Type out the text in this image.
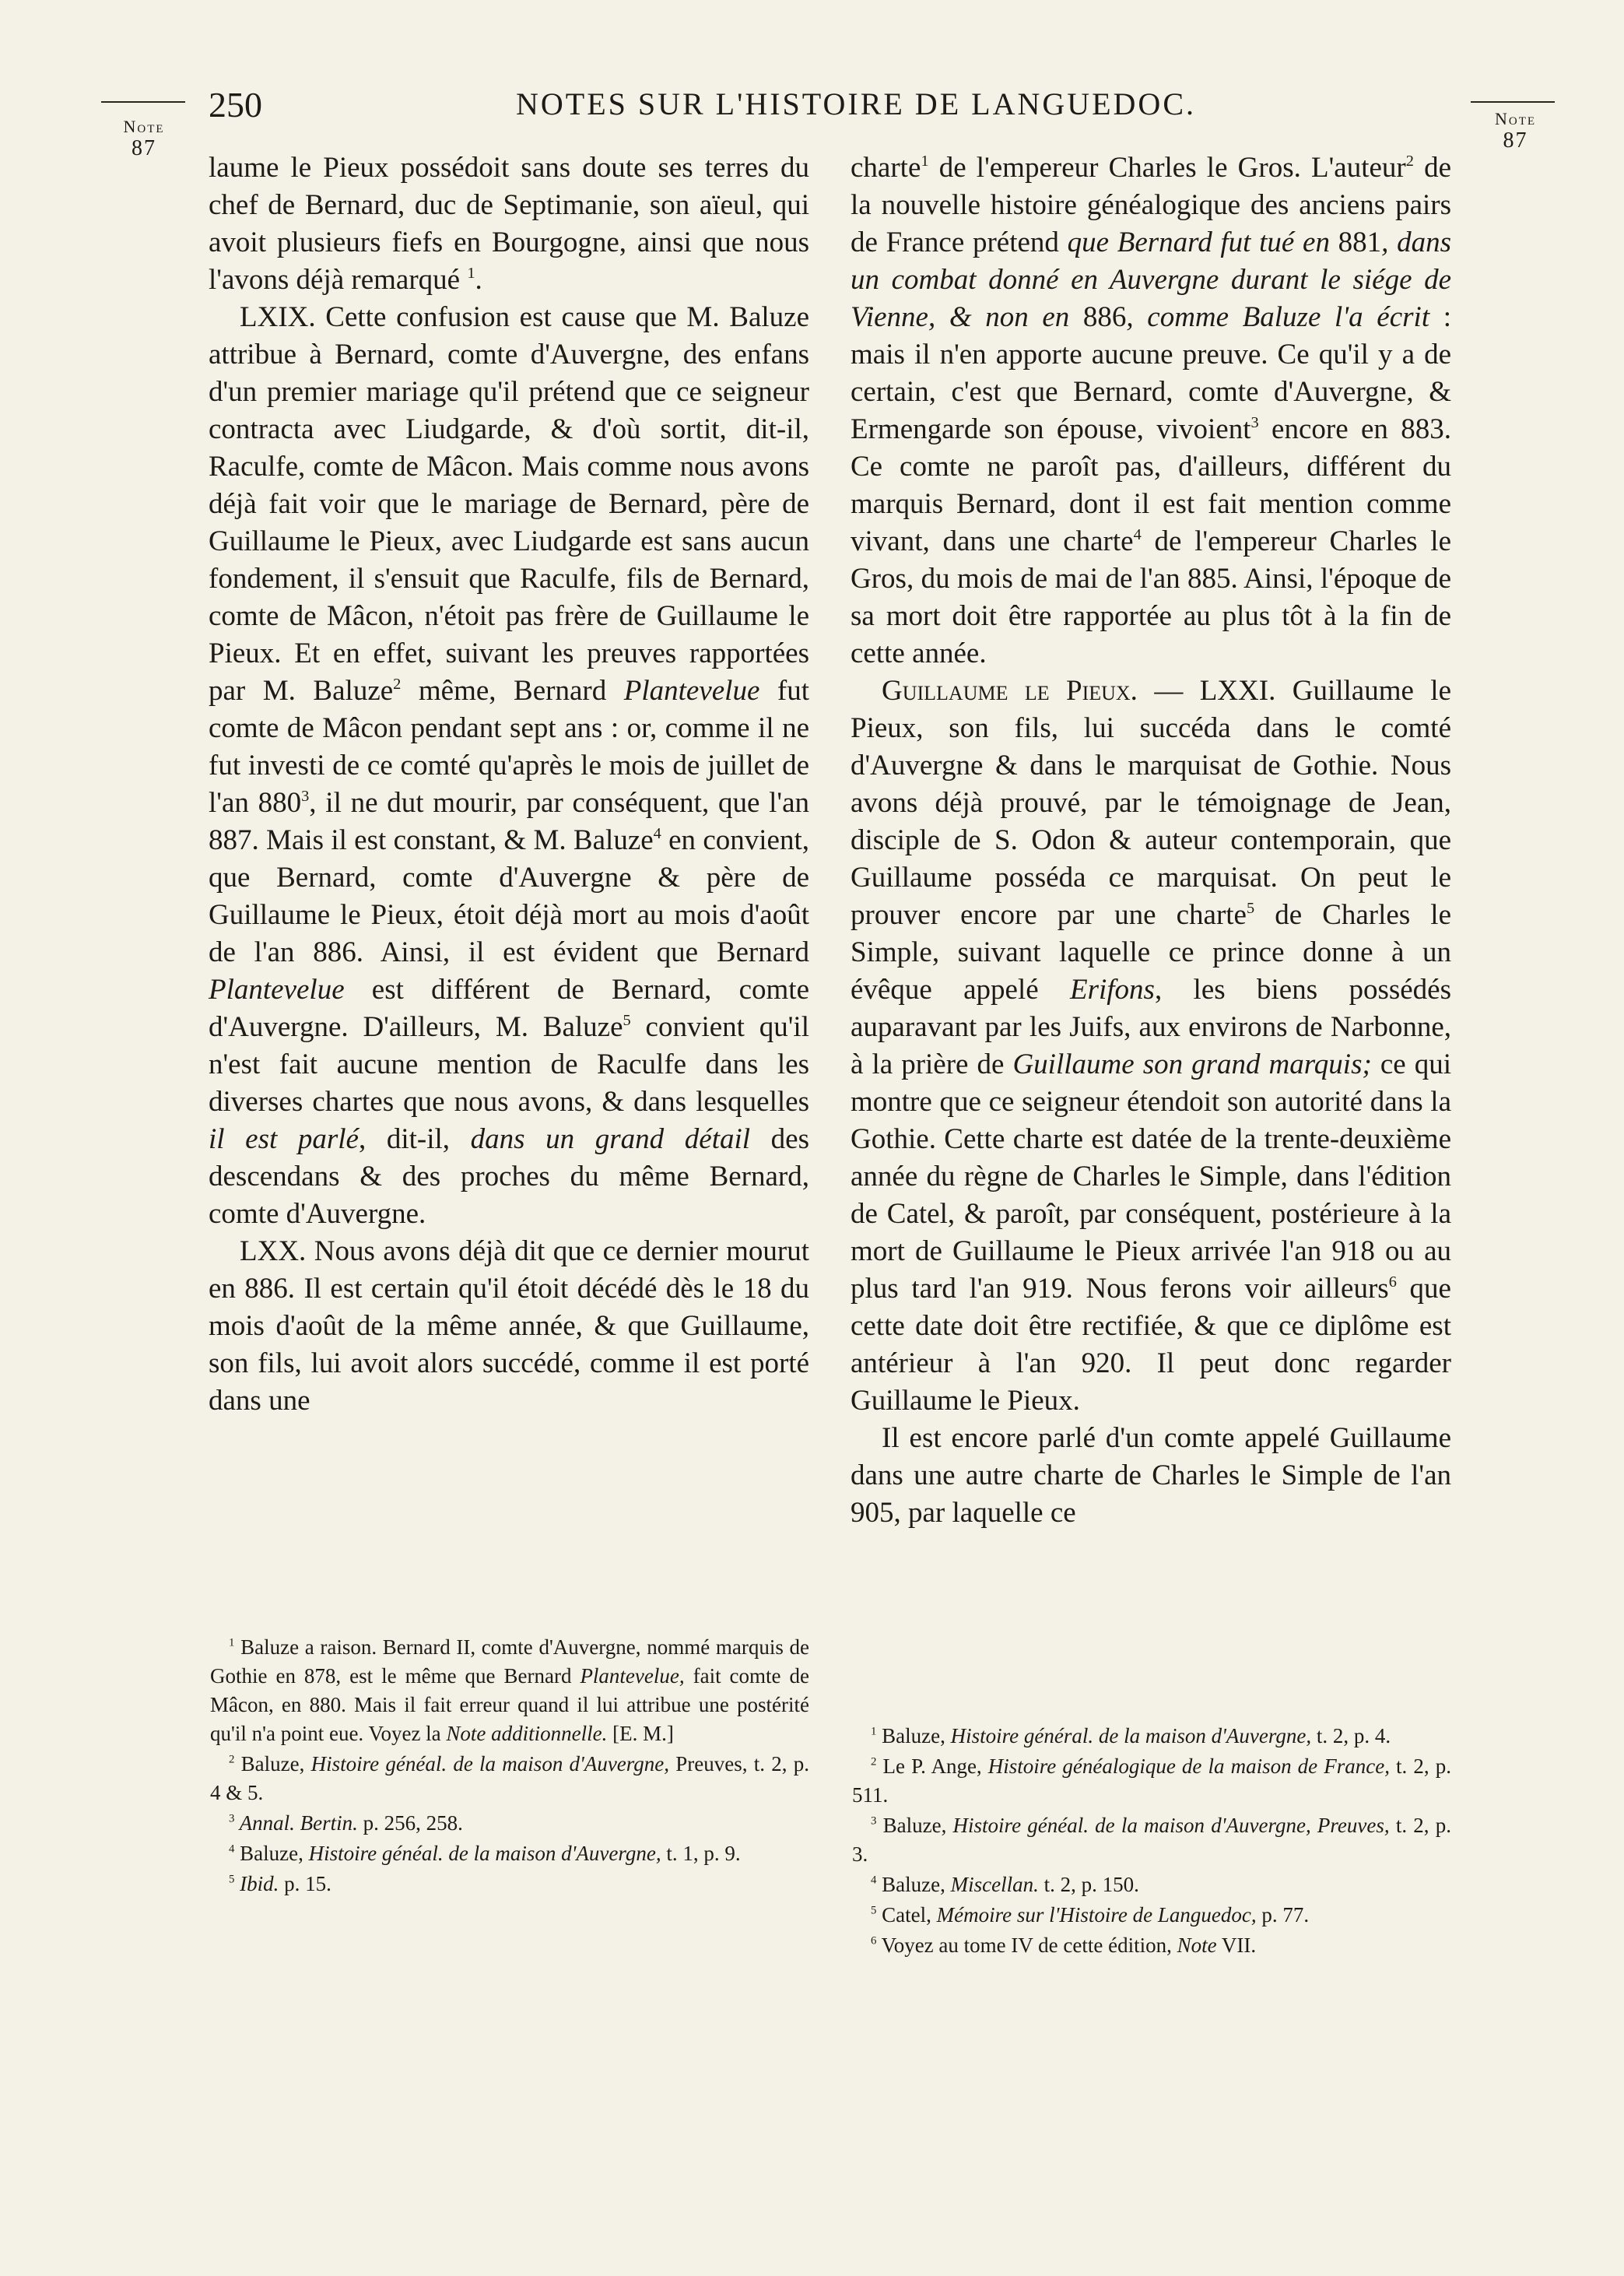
Note
87
Note
87
250	NOTES SUR L'HISTOIRE DE LANGUEDOC.

laume le Pieux possédoit sans doute ses terres du chef de Bernard, duc de Septimanie, son aïeul, qui avoit plusieurs fiefs en Bourgogne, ainsi que nous l'avons déjà remarqué $^1$.

LXIX. Cette confusion est cause que M. Baluze attribue à Bernard, comte d'Auvergne, des enfans d'un premier mariage qu'il prétend que ce seigneur contracta avec Liudgarde, & d'où sortit, dit-il, Raculfe, comte de Mâcon. Mais comme nous avons déjà fait voir que le mariage de Bernard, père de Guillaume le Pieux, avec Liudgarde est sans aucun fondement, il s'ensuit que Raculfe, fils de Bernard, comte de Mâcon, n'étoit pas frère de Guillaume le Pieux. Et en effet, suivant les preuves rapportées par M. Baluze$^2$ même, Bernard Plantevelue fut comte de Mâcon pendant sept ans : or, comme il ne fut investi de ce comté qu'après le mois de juillet de l'an $880^3$, il ne dut mourir, par conséquent, que l'an 887. Mais il est constant, & M. Baluze$^4$ en convient, que Bernard, comte d'Auvergne & père de Guillaume le Pieux, étoit déjà mort au mois d'août de l'an 886. Ainsi, il est évident que Bernard Plantevelue est différent de Bernard, comte d'Auvergne. D'ailleurs, M. Baluze$^5$ convient qu'il n'est fait aucune mention de Raculfe dans les diverses chartes que nous avons, & dans lesquelles il est parlé, dit-il, dans un grand détail des descendans & des proches du même Bernard, comte d'Auvergne.

LXX. Nous avons déjà dit que ce dernier mourut en 886. Il est certain qu'il étoit décédé dès le 18 du mois d'août de la même année, & que Guillaume, son fils, lui avoit alors succédé, comme il est porté dans une

charte$^1$ de l'empereur Charles le Gros. L'auteur$^2$ de la nouvelle histoire généalogique des anciens pairs de France prétend que Bernard fut tué en 881, dans un combat donné en Auvergne durant le siége de Vienne, & non en 886, comme Baluze l'a écrit : mais il n'en apporte aucune preuve. Ce qu'il y a de certain, c'est que Bernard, comte d'Auvergne, & Ermengarde son épouse, vivoient$^3$ encore en 883. Ce comte ne paroît pas, d'ailleurs, différent du marquis Bernard, dont il est fait mention comme vivant, dans une charte$^4$ de l'empereur Charles le Gros, du mois de mai de l'an 885. Ainsi, l'époque de sa mort doit être rapportée au plus tôt à la fin de cette année.

Guillaume le Pieux. — LXXI. Guillaume le Pieux, son fils, lui succéda dans le comté d'Auvergne & dans le marquisat de Gothie. Nous avons déjà prouvé, par le témoignage de Jean, disciple de S. Odon & auteur contemporain, que Guillaume posséda ce marquisat. On peut le prouver encore par une charte$^5$ de Charles le Simple, suivant laquelle ce prince donne à un évêque appelé Erifons, les biens possédés auparavant par les Juifs, aux environs de Narbonne, à la prière de Guillaume son grand marquis; ce qui montre que ce seigneur étendoit son autorité dans la Gothie. Cette charte est datée de la trente-deuxième année du règne de Charles le Simple, dans l'édition de Catel, & paroît, par conséquent, postérieure à la mort de Guillaume le Pieux arrivée l'an 918 ou au plus tard l'an 919. Nous ferons voir ailleurs$^6$ que cette date doit être rectifiée, & que ce diplôme est antérieur à l'an 920. Il peut donc regarder Guillaume le Pieux.

Il est encore parlé d'un comte appelé Guillaume dans une autre charte de Charles le Simple de l'an 905, par laquelle ce

$^1$ Baluze a raison. Bernard II, comte d'Auvergne, nommé marquis de Gothie en 878, est le même que Bernard Plantevelue, fait comte de Mâcon, en 880. Mais il fait erreur quand il lui attribue une postérité qu'il n'a point eue. Voyez la Note additionnelle. [E. M.]

$^2$ Baluze, Histoire généal. de la maison d'Auvergne, Preuves, t. 2, p. 4 & 5.

$^3$ Annal. Bertin. p. 256, 258.

$^4$ Baluze, Histoire généal. de la maison d'Auvergne, t. 1, p. 9.

$^5$ Ibid. p. 15.

$^1$ Baluze, Histoire général. de la maison d'Auvergne, t. 2, p. 4.

$^2$ Le P. Ange, Histoire généalogique de la maison de France, t. 2, p. 511.

$^3$ Baluze, Histoire généal. de la maison d'Auvergne, Preuves, t. 2, p. 3.

$^4$ Baluze, Miscellan. t. 2, p. 150.

$^5$ Catel, Mémoire sur l'Histoire de Languedoc, p. 77.

$^6$ Voyez au tome IV de cette édition, Note VII.
